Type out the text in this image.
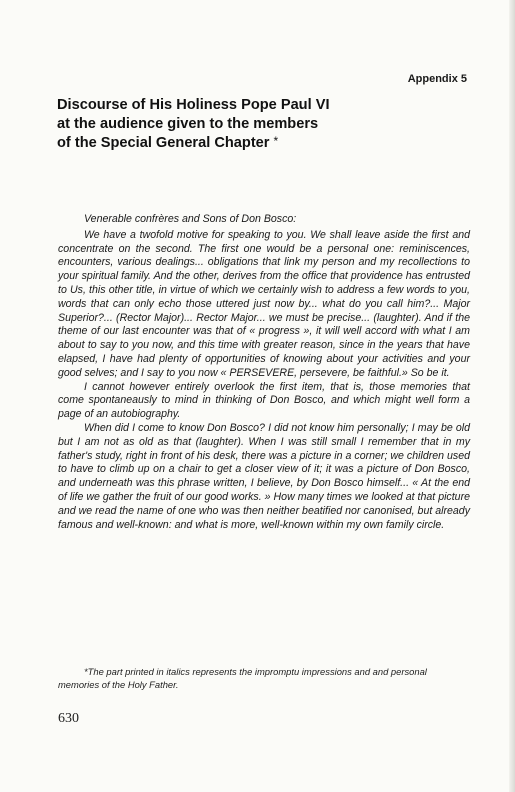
Appendix 5
Discourse of His Holiness Pope Paul VI
at the audience given to the members
of the Special General Chapter *

Venerable confrères and Sons of Don Bosco:

We have a twofold motive for speaking to you. We shall leave aside the first and concentrate on the second. The first one would be a personal one: reminiscences, encounters, various dealings... obligations that link my person and my recollections to your spiritual family. And the other, derives from the office that providence has entrusted to Us, this other title, in virtue of which we certainly wish to address a few words to you, words that can only echo those uttered just now by... what do you call him?... Major Superior?... (Rector Major)... Rector Major... we must be precise... (laughter). And if the theme of our last encounter was that of « progress », it will well accord with what I am about to say to you now, and this time with greater reason, since in the years that have elapsed, I have had plenty of opportunities of knowing about your activities and your good selves; and I say to you now « PERSEVERE, persevere, be faithful.» So be it.

I cannot however entirely overlook the first item, that is, those memories that come spontaneausly to mind in thinking of Don Bosco, and which might well form a page of an autobiography.

When did I come to know Don Bosco? I did not know him personally; I may be old but I am not as old as that (laughter). When I was still small I remember that in my father's study, right in front of his desk, there was a picture in a corner; we children used to have to climb up on a chair to get a closer view of it; it was a picture of Don Bosco, and underneath was this phrase written, I believe, by Don Bosco himself... « At the end of life we gather the fruit of our good works. » How many times we looked at that picture and we read the name of one who was then neither beatified nor canonised, but already famous and well-known: and what is more, well-known within my own family circle.

*The part printed in italics represents the impromptu impressions and and personal memories of the Holy Father.

630
